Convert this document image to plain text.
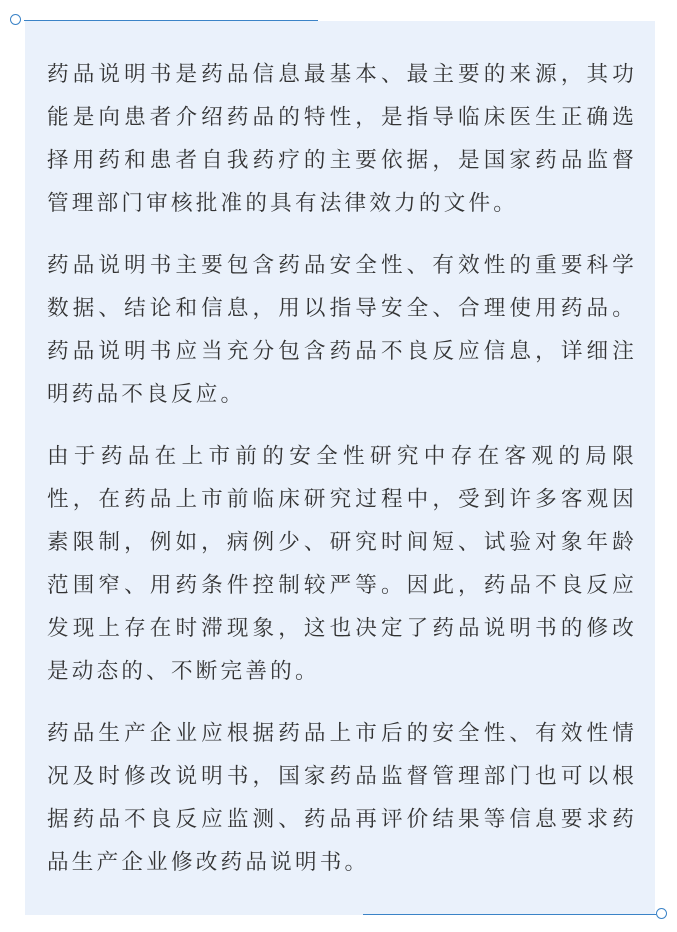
药品说明书是药品信息最基本、最主要的来源，其功能是向患者介绍药品的特性，是指导临床医生正确选择用药和患者自我药疗的主要依据，是国家药品监督管理部门审核批准的具有法律效力的文件。

药品说明书主要包含药品安全性、有效性的重要科学数据、结论和信息，用以指导安全、合理使用药品。药品说明书应当充分包含药品不良反应信息，详细注明药品不良反应。

由于药品在上市前的安全性研究中存在客观的局限性，在药品上市前临床研究过程中，受到许多客观因素限制，例如，病例少、研究时间短、试验对象年龄范围窄、用药条件控制较严等。因此，药品不良反应发现上存在时滞现象，这也决定了药品说明书的修改是动态的、不断完善的。

药品生产企业应根据药品上市后的安全性、有效性情况及时修改说明书，国家药品监督管理部门也可以根据药品不良反应监测、药品再评价结果等信息要求药品生产企业修改药品说明书。
